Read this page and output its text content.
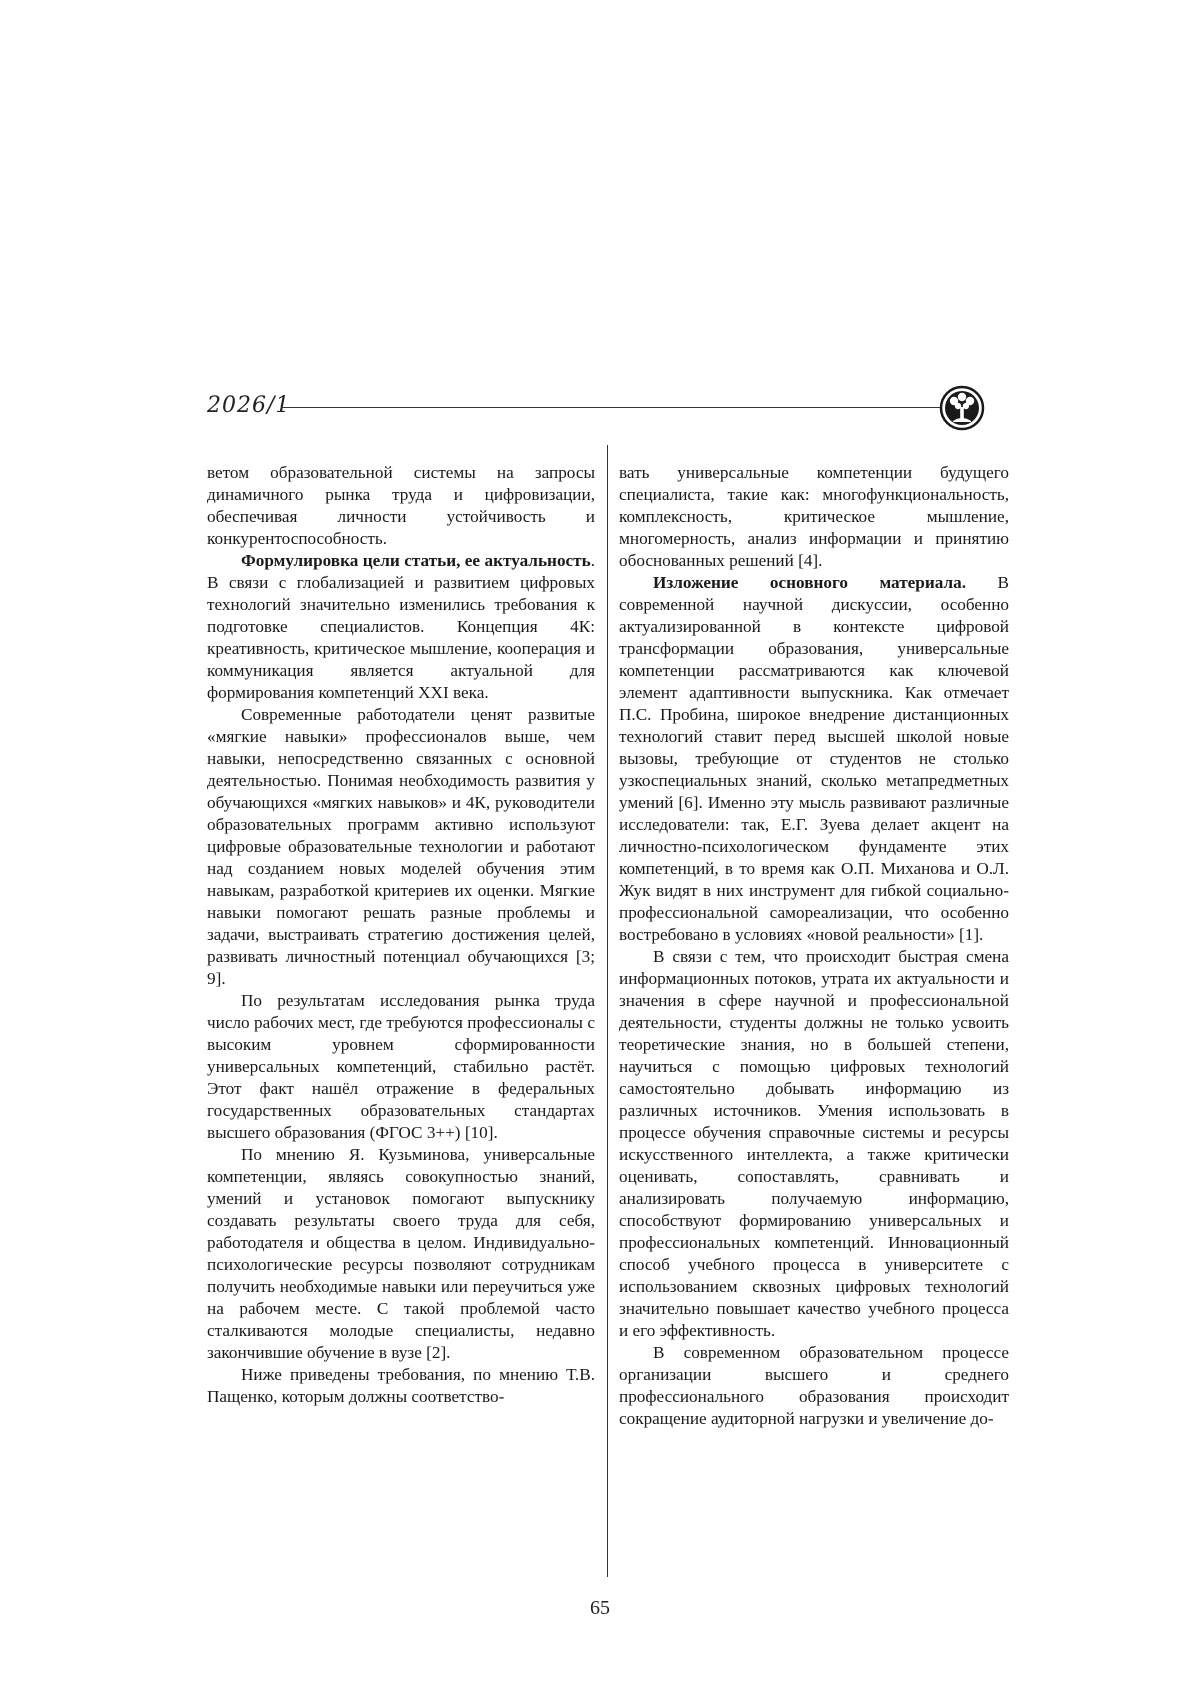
2026/1

ветом образовательной системы на запросы динамичного рынка труда и цифровизации, обеспечивая личности устойчивость и конкурентоспособность.

Формулировка цели статьи, ее актуальность. В связи с глобализацией и развитием цифровых технологий значительно изменились требования к подготовке специалистов. Концепция 4К: креативность, критическое мышление, кооперация и коммуникация является актуальной для формирования компетенций XXI века.

Современные работодатели ценят развитые «мягкие навыки» профессионалов выше, чем навыки, непосредственно связанных с основной деятельностью. Понимая необходимость развития у обучающихся «мягких навыков» и 4К, руководители образовательных программ активно используют цифровые образовательные технологии и работают над созданием новых моделей обучения этим навыкам, разработкой критериев их оценки. Мягкие навыки помогают решать разные проблемы и задачи, выстраивать стратегию достижения целей, развивать личностный потенциал обучающихся [3; 9].

По результатам исследования рынка труда число рабочих мест, где требуются профессионалы с высоким уровнем сформированности универсальных компетенций, стабильно растёт. Этот факт нашёл отражение в федеральных государственных образовательных стандартах высшего образования (ФГОС 3++) [10].

По мнению Я. Кузьминова, универсальные компетенции, являясь совокупностью знаний, умений и установок помогают выпускнику создавать результаты своего труда для себя, работодателя и общества в целом. Индивидуально-психологические ресурсы позволяют сотрудникам получить необходимые навыки или переучиться уже на рабочем месте. С такой проблемой часто сталкиваются молодые специалисты, недавно закончившие обучение в вузе [2].

Ниже приведены требования, по мнению Т.В. Пащенко, которым должны соответство-

вать универсальные компетенции будущего специалиста, такие как: многофункциональность, комплексность, критическое мышление, многомерность, анализ информации и принятию обоснованных решений [4].

Изложение основного материала. В современной научной дискуссии, особенно актуализированной в контексте цифровой трансформации образования, универсальные компетенции рассматриваются как ключевой элемент адаптивности выпускника. Как отмечает П.С. Пробина, широкое внедрение дистанционных технологий ставит перед высшей школой новые вызовы, требующие от студентов не столько узкоспециальных знаний, сколько метапредметных умений [6]. Именно эту мысль развивают различные исследователи: так, Е.Г. Зуева делает акцент на личностно-психологическом фундаменте этих компетенций, в то время как О.П. Михановa и О.Л. Жук видят в них инструмент для гибкой социально-профессиональной самореализации, что особенно востребовано в условиях «новой реальности» [1].

В связи с тем, что происходит быстрая смена информационных потоков, утрата их актуальности и значения в сфере научной и профессиональной деятельности, студенты должны не только усвоить теоретические знания, но в большей степени, научиться с помощью цифровых технологий самостоятельно добывать информацию из различных источников. Умения использовать в процессе обучения справочные системы и ресурсы искусственного интеллекта, а также критически оценивать, сопоставлять, сравнивать и анализировать получаемую информацию, способствуют формированию универсальных и профессиональных компетенций. Инновационный способ учебного процесса в университете с использованием сквозных цифровых технологий значительно повышает качество учебного процесса и его эффективность.

В современном образовательном процессе организации высшего и среднего профессионального образования происходит сокращение аудиторной нагрузки и увеличение до-

65
